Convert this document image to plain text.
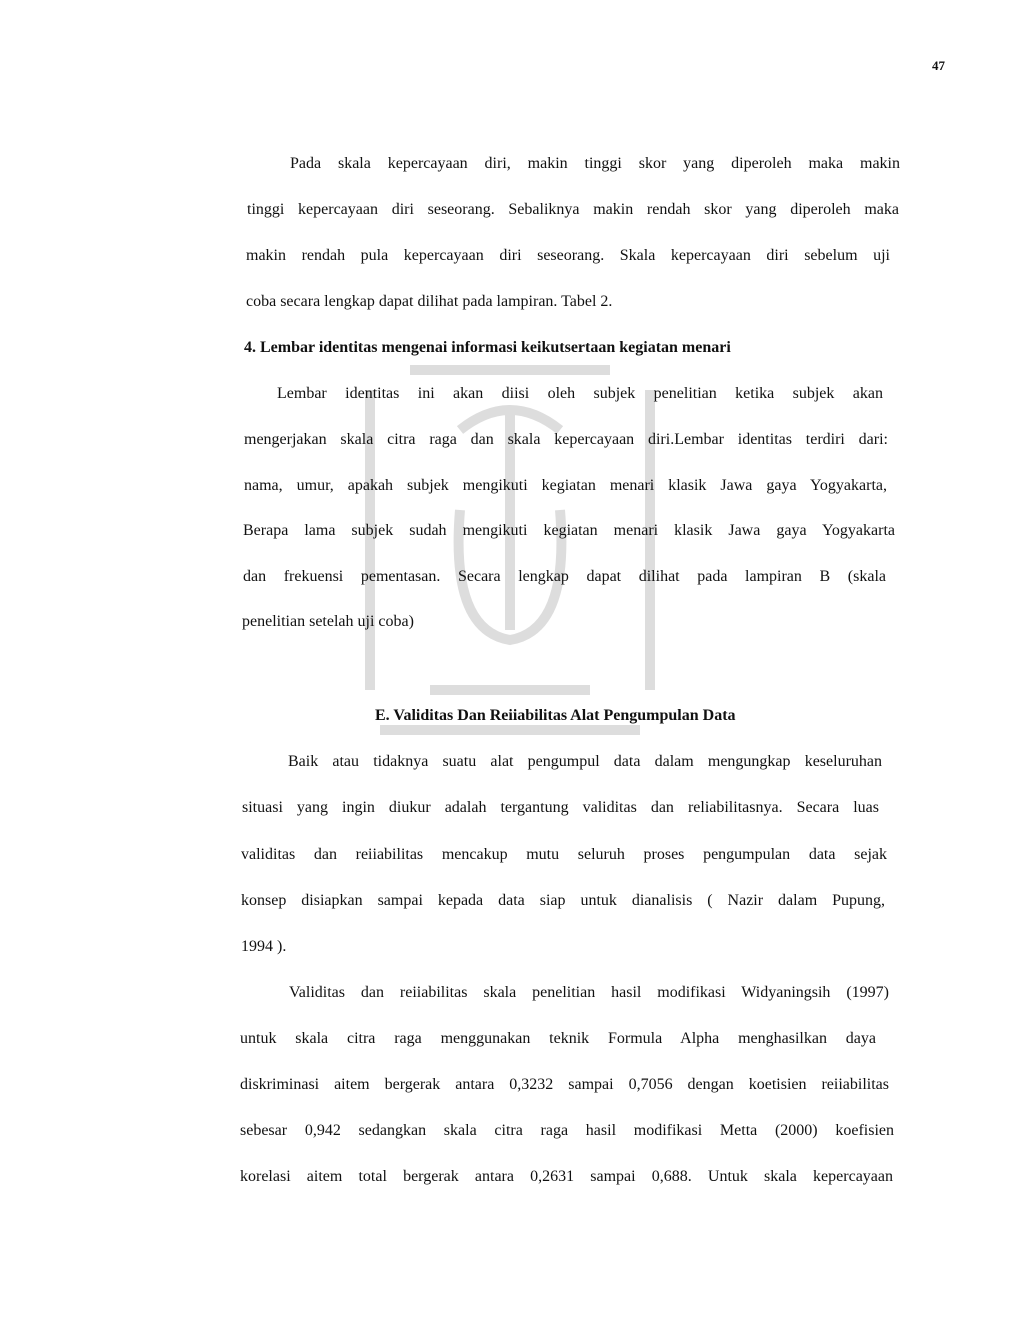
47
Pada skala kepercayaan diri, makin tinggi skor yang diperoleh maka makin
tinggi kepercayaan diri seseorang. Sebaliknya makin rendah skor yang diperoleh maka
makin rendah pula kepercayaan diri seseorang. Skala kepercayaan diri sebelum uji
coba secara lengkap dapat dilihat pada lampiran. Tabel 2.
4. Lembar identitas mengenai informasi keikutsertaan kegiatan menari
Lembar identitas ini akan diisi oleh subjek penelitian ketika subjek akan
mengerjakan skala citra raga dan skala kepercayaan diri.Lembar identitas terdiri dari:
nama, umur, apakah subjek mengikuti kegiatan menari klasik Jawa gaya Yogyakarta,
Berapa lama subjek sudah mengikuti kegiatan menari klasik Jawa gaya Yogyakarta
dan frekuensi pementasan. Secara lengkap dapat dilihat pada lampiran B (skala
penelitian setelah uji coba)
E. Validitas Dan Reiiabilitas Alat Pengumpulan Data
Baik atau tidaknya suatu alat pengumpul data dalam mengungkap keseluruhan
situasi yang ingin diukur adalah tergantung validitas dan reliabilitasnya. Secara luas
validitas dan reiiabilitas mencakup mutu seluruh proses pengumpulan data sejak
konsep disiapkan sampai kepada data siap untuk dianalisis ( Nazir dalam Pupung,
1994 ).
Validitas dan reiiabilitas skala penelitian hasil modifikasi Widyaningsih (1997)
untuk skala citra raga menggunakan teknik Formula Alpha menghasilkan daya
diskriminasi aitem bergerak antara 0,3232 sampai 0,7056 dengan koetisien reiiabilitas
sebesar 0,942 sedangkan skala citra raga hasil modifikasi Metta (2000) koefisien
korelasi aitem total bergerak antara 0,2631 sampai 0,688. Untuk skala kepercayaan
